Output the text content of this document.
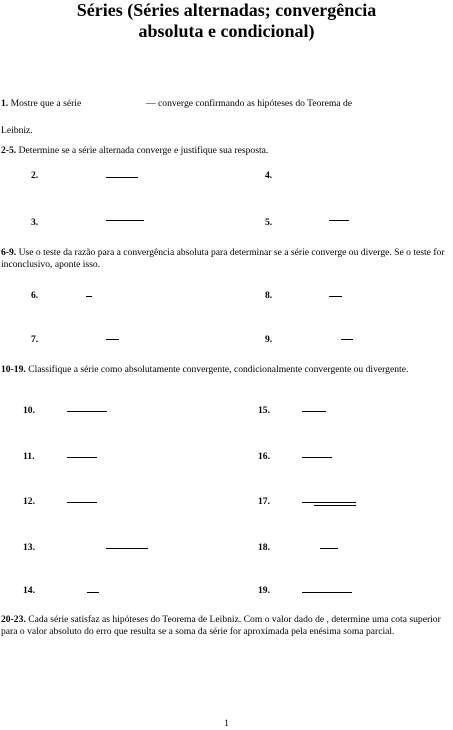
Séries (Séries alternadas; convergência
absoluta e condicional)
1. Mostre que a série	— converge confirmando as hipóteses do Teorema de
Leibniz.
2-5. Determine se a série alternada converge e justifique sua resposta.
2.
3.
4.
5.
6-9. Use o teste da razão para a convergência absoluta para determinar se a série converge ou diverge. Se o teste for inconclusivo, aponte isso.
6.
7.
8.
9.
10-19. Classifique a série como absolutamente convergente, condicionalmente convergente ou divergente.
10.
11.
12.
13.
14.
15.
16.
17.
18.
19.
20-23. Cada série satisfaz as hipóteses do Teorema de Leibniz. Com o valor dado de , determine uma cota superior para o valor absoluto do erro que resulta se a soma da série for aproximada pela enésima soma parcial.
1
